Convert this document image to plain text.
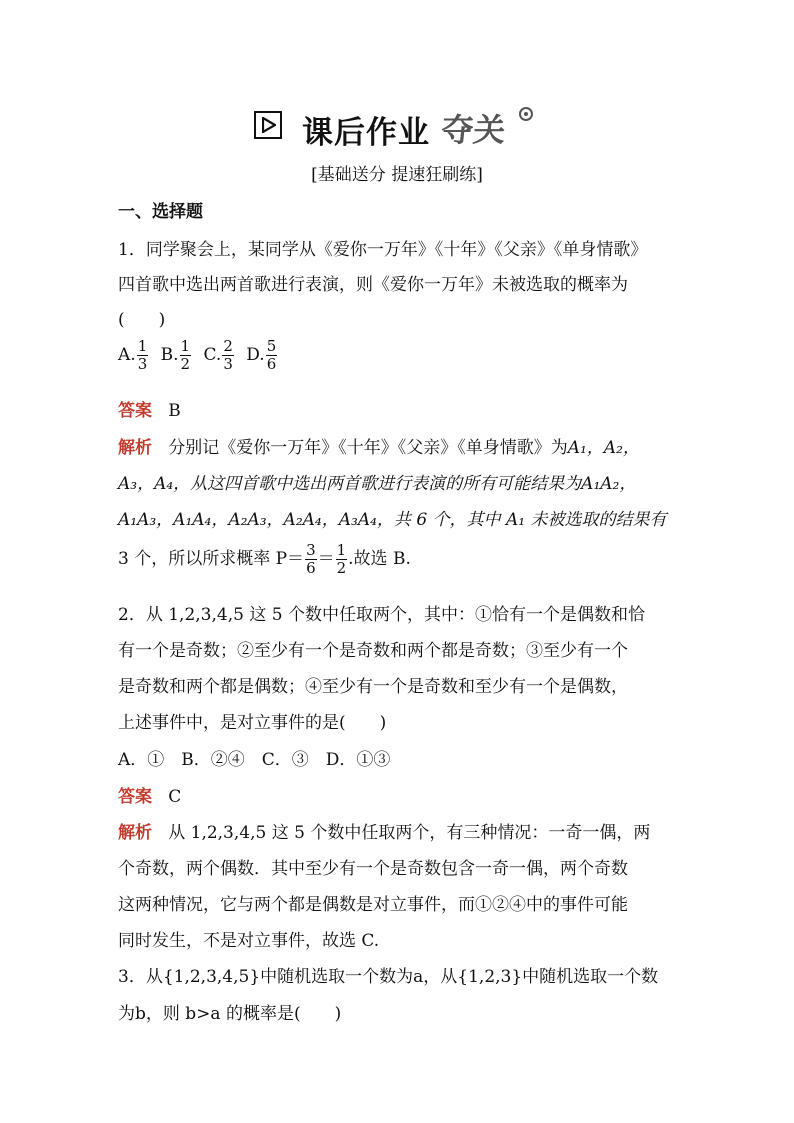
课后作业 夺关
[基础送分 提速狂刷练]
一、选择题
1．同学聚会上，某同学从《爱你一万年》《十年》《父亲》《单身情歌》
四首歌中选出两首歌进行表演，则《爱你一万年》未被选取的概率为
(　　)
A. $\frac{1}{3} B$. $\frac{1}{2} C$. $\frac{2}{3} D$. $\frac{5}{6}$
答案 B
解析 分别记《爱你一万年》《十年》《父亲》《单身情歌》为A₁，A₂，
A₃，A₄，从这四首歌中选出两首歌进行表演的所有可能结果为A₁A₂，
A₁A₃，A₁A₄，A₂A₃，A₂A₄，A₃A₄，共 6 个，其中 A₁ 未被选取的结果有
3 个，所以所求概率 $P= \frac{3}{6} = \frac{1}{2}$ .故选 B.
2．从 1,2,3,4,5 这 5 个数中任取两个，其中：①恰有一个是偶数和恰
有一个是奇数；②至少有一个是奇数和两个都是奇数；③至少有一个
是奇数和两个都是偶数；④至少有一个是奇数和至少有一个是偶数，
上述事件中，是对立事件的是(　　)
A．①　B．②④　C．③　D．①③
答案 C
解析 从 1,2,3,4,5 这 5 个数中任取两个，有三种情况：一奇一偶，两
个奇数，两个偶数．其中至少有一个是奇数包含一奇一偶，两个奇数
这两种情况，它与两个都是偶数是对立事件，而①②④中的事件可能
同时发生，不是对立事件，故选 C.
3．从{1,2,3,4,5}中随机选取一个数为a，从{1,2,3}中随机选取一个数
为b，则 b>a 的概率是(　　)
